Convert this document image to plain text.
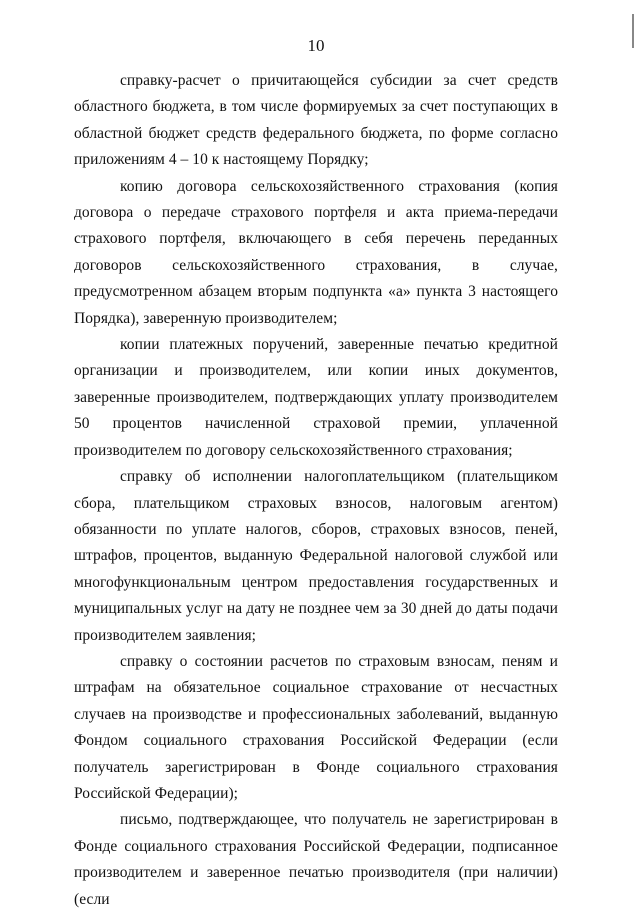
10

справку-расчет о причитающейся субсидии за счет средств областного бюджета, в том числе формируемых за счет поступающих в областной бюджет средств федерального бюджета, по форме согласно приложениям 4 – 10 к настоящему Порядку;

копию договора сельскохозяйственного страхования (копия договора о передаче страхового портфеля и акта приема-передачи страхового портфеля, включающего в себя перечень переданных договоров сельскохозяйственного страхования, в случае, предусмотренном абзацем вторым подпункта «а» пункта 3 настоящего Порядка), заверенную производителем;

копии платежных поручений, заверенные печатью кредитной организации и производителем, или копии иных документов, заверенные производителем, подтверждающих уплату производителем 50 процентов начисленной страховой премии, уплаченной производителем по договору сельскохозяйственного страхования;

справку об исполнении налогоплательщиком (плательщиком сбора, плательщиком страховых взносов, налоговым агентом) обязанности по уплате налогов, сборов, страховых взносов, пеней, штрафов, процентов, выданную Федеральной налоговой службой или многофункциональным центром предоставления государственных и муниципальных услуг на дату не позднее чем за 30 дней до даты подачи производителем заявления;

справку о состоянии расчетов по страховым взносам, пеням и штрафам на обязательное социальное страхование от несчастных случаев на производстве и профессиональных заболеваний, выданную Фондом социального страхования Российской Федерации (если получатель зарегистрирован в Фонде социального страхования Российской Федерации);

письмо, подтверждающее, что получатель не зарегистрирован в Фонде социального страхования Российской Федерации, подписанное производителем и заверенное печатью производителя (при наличии) (если
